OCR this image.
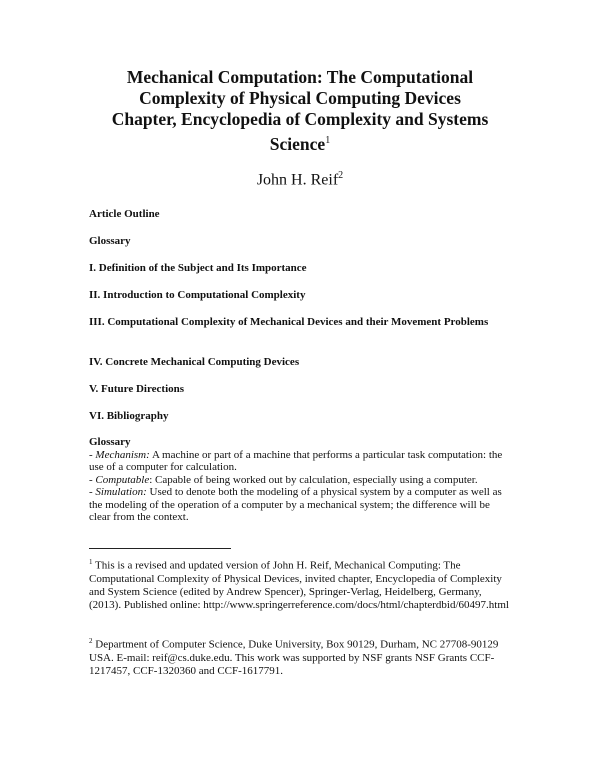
Mechanical Computation: The Computational
Complexity of Physical Computing Devices
Chapter, Encyclopedia of Complexity and Systems
Science$^1$
John H. Reif$^2$
Article Outline
Glossary
I. Definition of the Subject and Its Importance
II. Introduction to Computational Complexity
III. Computational Complexity of Mechanical Devices and their Movement Problems
IV. Concrete Mechanical Computing Devices
V. Future Directions
VI. Bibliography
Glossary
- Mechanism: A machine or part of a machine that performs a particular task computation: the use of a computer for calculation.
- Computable: Capable of being worked out by calculation, especially using a computer.
- Simulation: Used to denote both the modeling of a physical system by a computer as well as the modeling of the operation of a computer by a mechanical system; the difference will be clear from the context.
$^1$ This is a revised and updated version of John H. Reif, Mechanical Computing: The Computational Complexity of Physical Devices, invited chapter, Encyclopedia of Complexity and System Science (edited by Andrew Spencer), Springer-Verlag, Heidelberg, Germany, (2013). Published online: http://www.springerreference.com/docs/html/chapterdbid/60497.html
$^2$ Department of Computer Science, Duke University, Box 90129, Durham, NC 27708-90129 USA. E-mail: reif@cs.duke.edu. This work was supported by NSF grants NSF Grants CCF-1217457, CCF-1320360 and CCF-1617791.
